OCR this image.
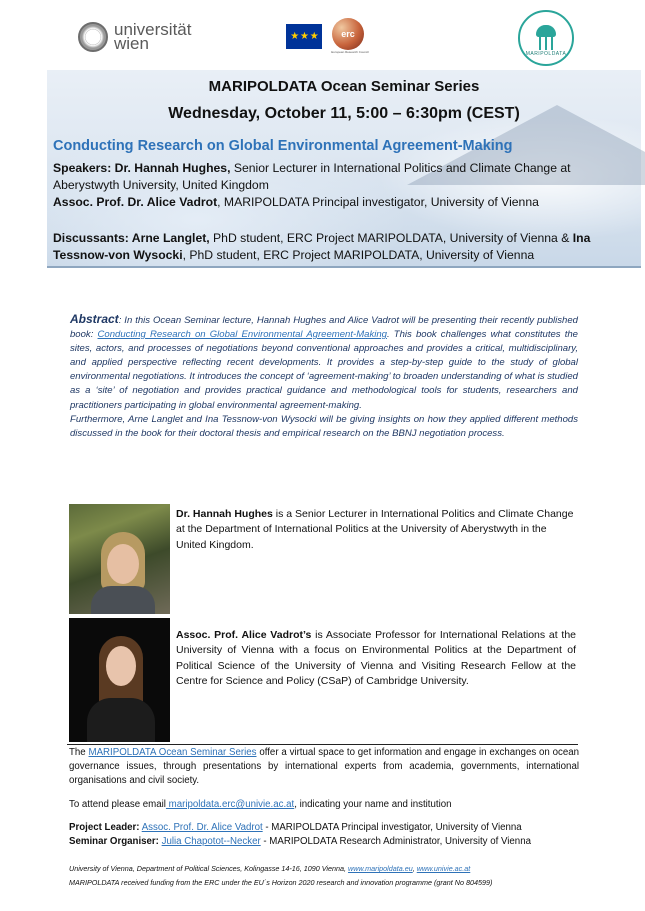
universität wien	★ ★ ★	erc
European Research Council	MARIPOLDATA
MARIPOLDATA Ocean Seminar Series
Wednesday, October 11, 5:00 – 6:30pm (CEST)
Conducting Research on Global Environmental Agreement-Making
Speakers: Dr. Hannah Hughes, Senior Lecturer in International Politics and Climate Change at Aberystwyth University, United Kingdom
Assoc. Prof. Dr. Alice Vadrot, MARIPOLDATA Principal investigator, University of Vienna
Discussants: Arne Langlet, PhD student, ERC Project MARIPOLDATA, University of Vienna & Ina Tessnow-von Wysocki, PhD student, ERC Project MARIPOLDATA, University of Vienna
Abstract: In this Ocean Seminar lecture, Hannah Hughes and Alice Vadrot will be presenting their recently published book: Conducting Research on Global Environmental Agreement-Making. This book challenges what constitutes the sites, actors, and processes of negotiations beyond conventional approaches and provides a critical, multidisciplinary, and applied perspective reflecting recent developments. It provides a step-by-step guide to the study of global environmental negotiations. It introduces the concept of ‘agreement-making’ to broaden understanding of what is studied as a ‘site’ of negotiation and provides practical guidance and methodological tools for students, researchers and practitioners participating in global environmental agreement-making.
Furthermore, Arne Langlet and Ina Tessnow-von Wysocki will be giving insights on how they applied different methods discussed in the book for their doctoral thesis and empirical research on the BBNJ negotiation process.
Dr. Hannah Hughes is a Senior Lecturer in International Politics and Climate Change at the Department of International Politics at the University of Aberystwyth in the United Kingdom.
Assoc. Prof. Alice Vadrot’s is Associate Professor for International Relations at the University of Vienna with a focus on Environmental Politics at the Department of Political Science of the University of Vienna and Visiting Research Fellow at the Centre for Science and Policy (CSaP) of Cambridge University.
The MARIPOLDATA Ocean Seminar Series offer a virtual space to get information and engage in exchanges on ocean governance issues, through presentations by international experts from academia, governments, international organisations and civil society.
To attend please email maripoldata.erc@univie.ac.at, indicating your name and institution
Project Leader: Assoc. Prof. Dr. Alice Vadrot - MARIPOLDATA Principal investigator, University of Vienna
Seminar Organiser: Julia Chapotot--Necker - MARIPOLDATA Research Administrator, University of Vienna
University of Vienna, Department of Political Sciences, Kolingasse 14-16, 1090 Vienna, www.maripoldata.eu, www.univie.ac.at
MARIPOLDATA received funding from the ERC under the EU´s Horizon 2020 research and innovation programme (grant No 804599)
